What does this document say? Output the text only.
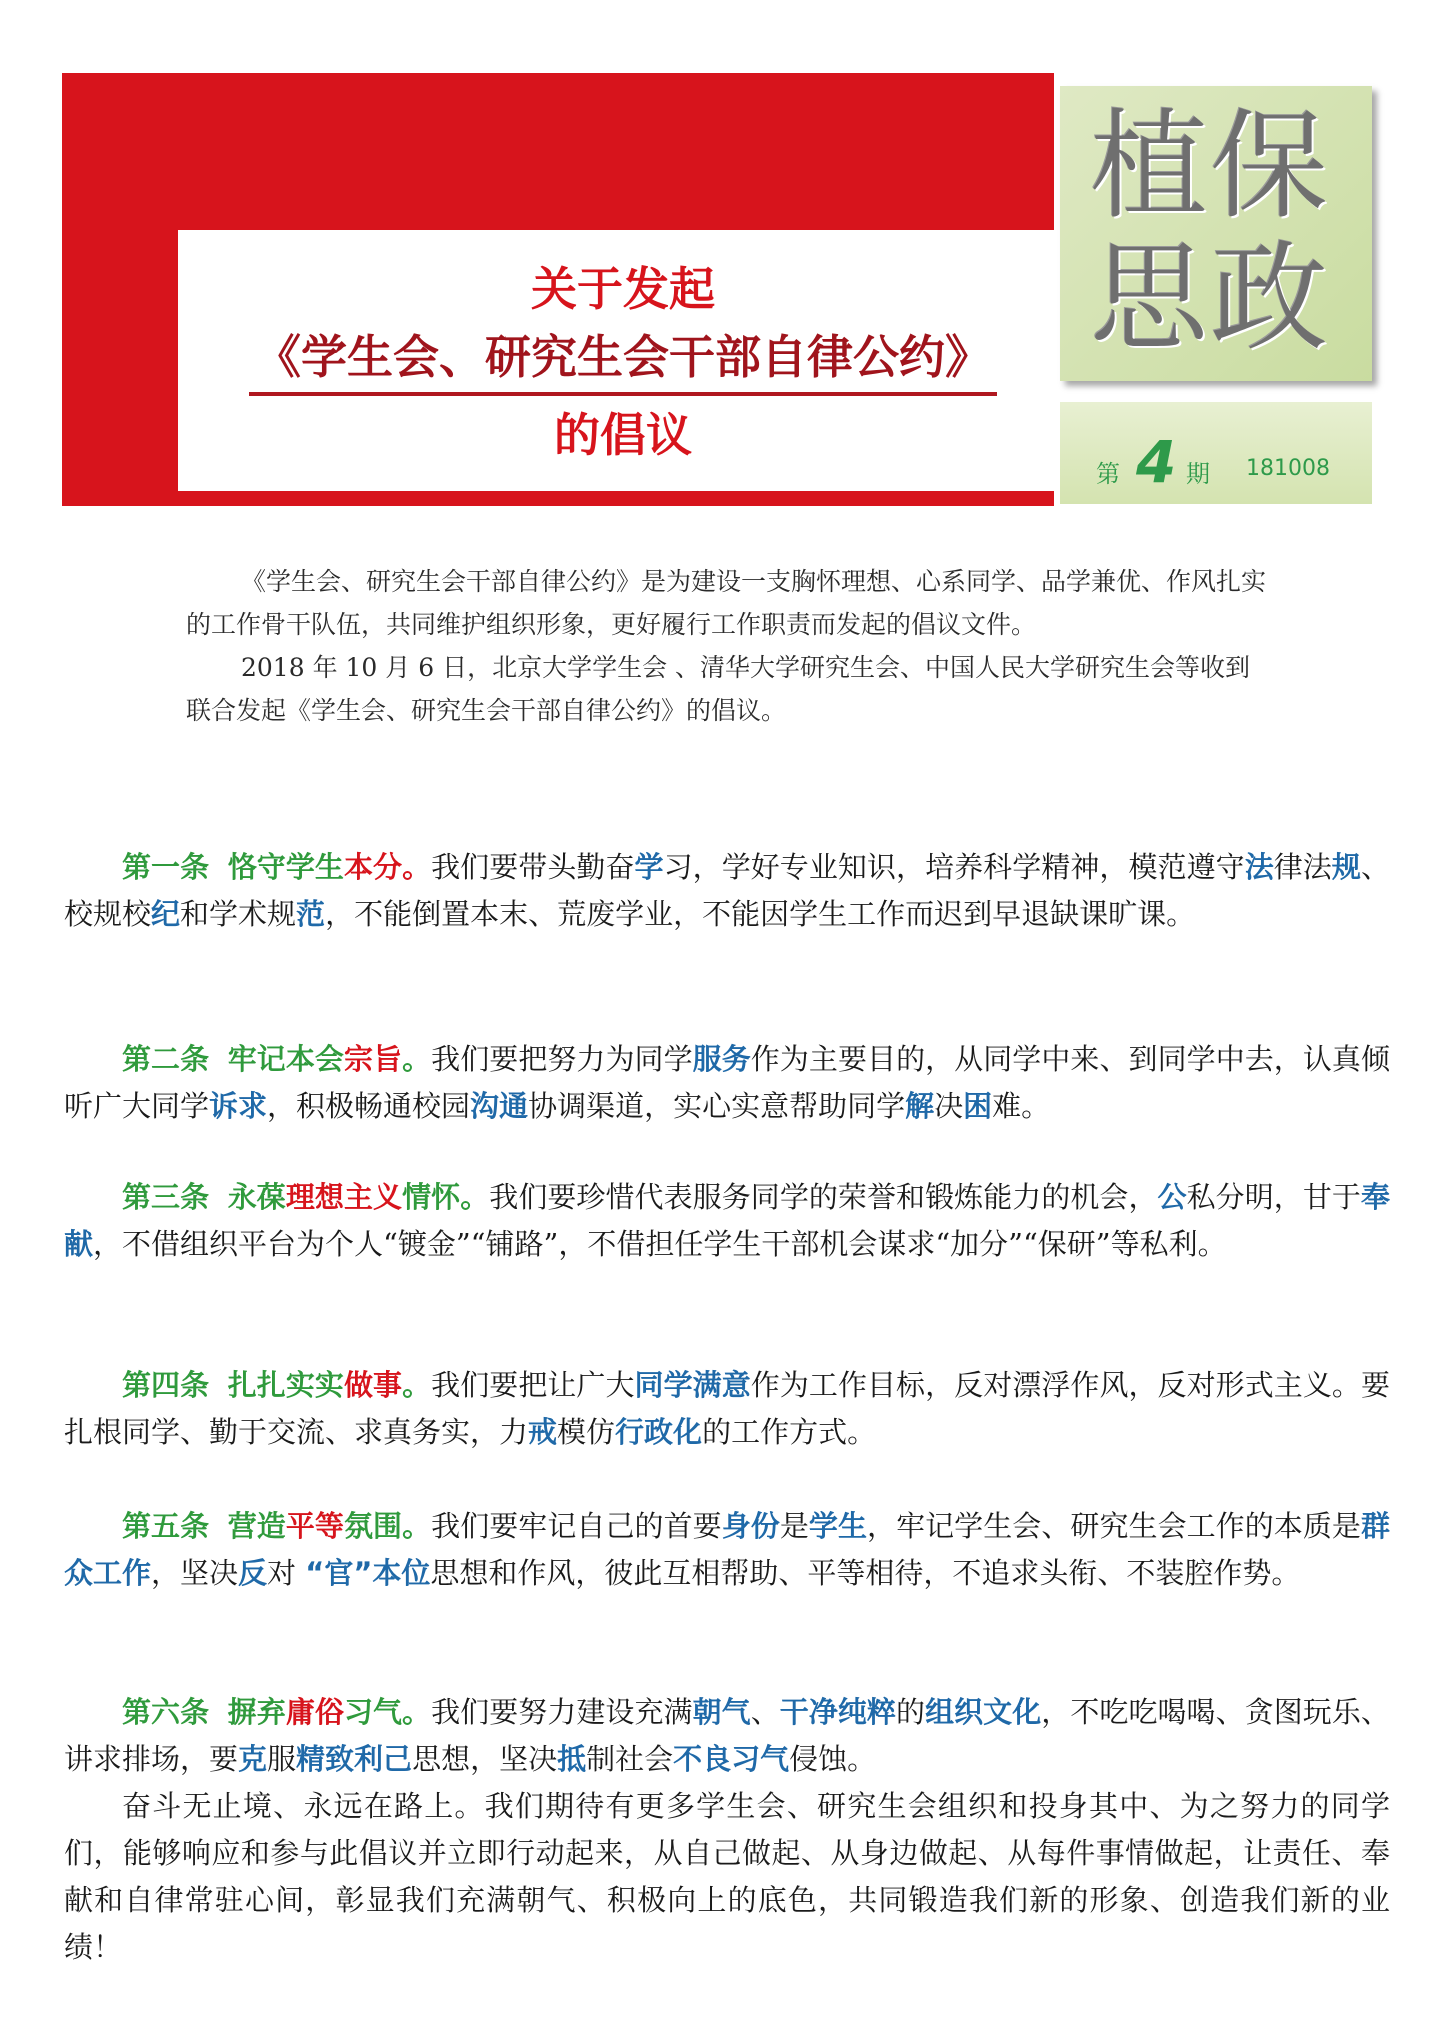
关于发起
《学生会、研究生会干部自律公约》
的倡议
植保
思政
第 4 期 181008

《学生会、研究生会干部自律公约》是为建设一支胸怀理想、心系同学、品学兼优、作风扎实的工作骨干队伍，共同维护组织形象，更好履行工作职责而发起的倡议文件。

2018 年 10 月 6 日，北京大学学生会 、清华大学研究生会、中国人民大学研究生会等收到联合发起《学生会、研究生会干部自律公约》的倡议。

第一条 恪守学生本分。我们要带头勤奋学习，学好专业知识，培养科学精神，模范遵守法律法规、校规校纪和学术规范，不能倒置本末、荒废学业，不能因学生工作而迟到早退缺课旷课。

第二条 牢记本会宗旨。我们要把努力为同学服务作为主要目的，从同学中来、到同学中去，认真倾听广大同学诉求，积极畅通校园沟通协调渠道，实心实意帮助同学解决困难。

第三条 永葆理想主义情怀。我们要珍惜代表服务同学的荣誉和锻炼能力的机会，公私分明，甘于奉献，不借组织平台为个人“镀金”“铺路”，不借担任学生干部机会谋求“加分”“保研”等私利。

第四条 扎扎实实做事。我们要把让广大同学满意作为工作目标，反对漂浮作风，反对形式主义。要扎根同学、勤于交流、求真务实，力戒模仿行政化的工作方式。

第五条 营造平等氛围。我们要牢记自己的首要身份是学生，牢记学生会、研究生会工作的本质是群众工作，坚决反对 “官”本位思想和作风，彼此互相帮助、平等相待，不追求头衔、不装腔作势。

第六条 摒弃庸俗习气。我们要努力建设充满朝气、干净纯粹的组织文化，不吃吃喝喝、贪图玩乐、讲求排场，要克服精致利己思想，坚决抵制社会不良习气侵蚀。

奋斗无止境、永远在路上。我们期待有更多学生会、研究生会组织和投身其中、为之努力的同学们，能够响应和参与此倡议并立即行动起来，从自己做起、从身边做起、从每件事情做起，让责任、奉献和自律常驻心间，彰显我们充满朝气、积极向上的底色，共同锻造我们新的形象、创造我们新的业绩！
